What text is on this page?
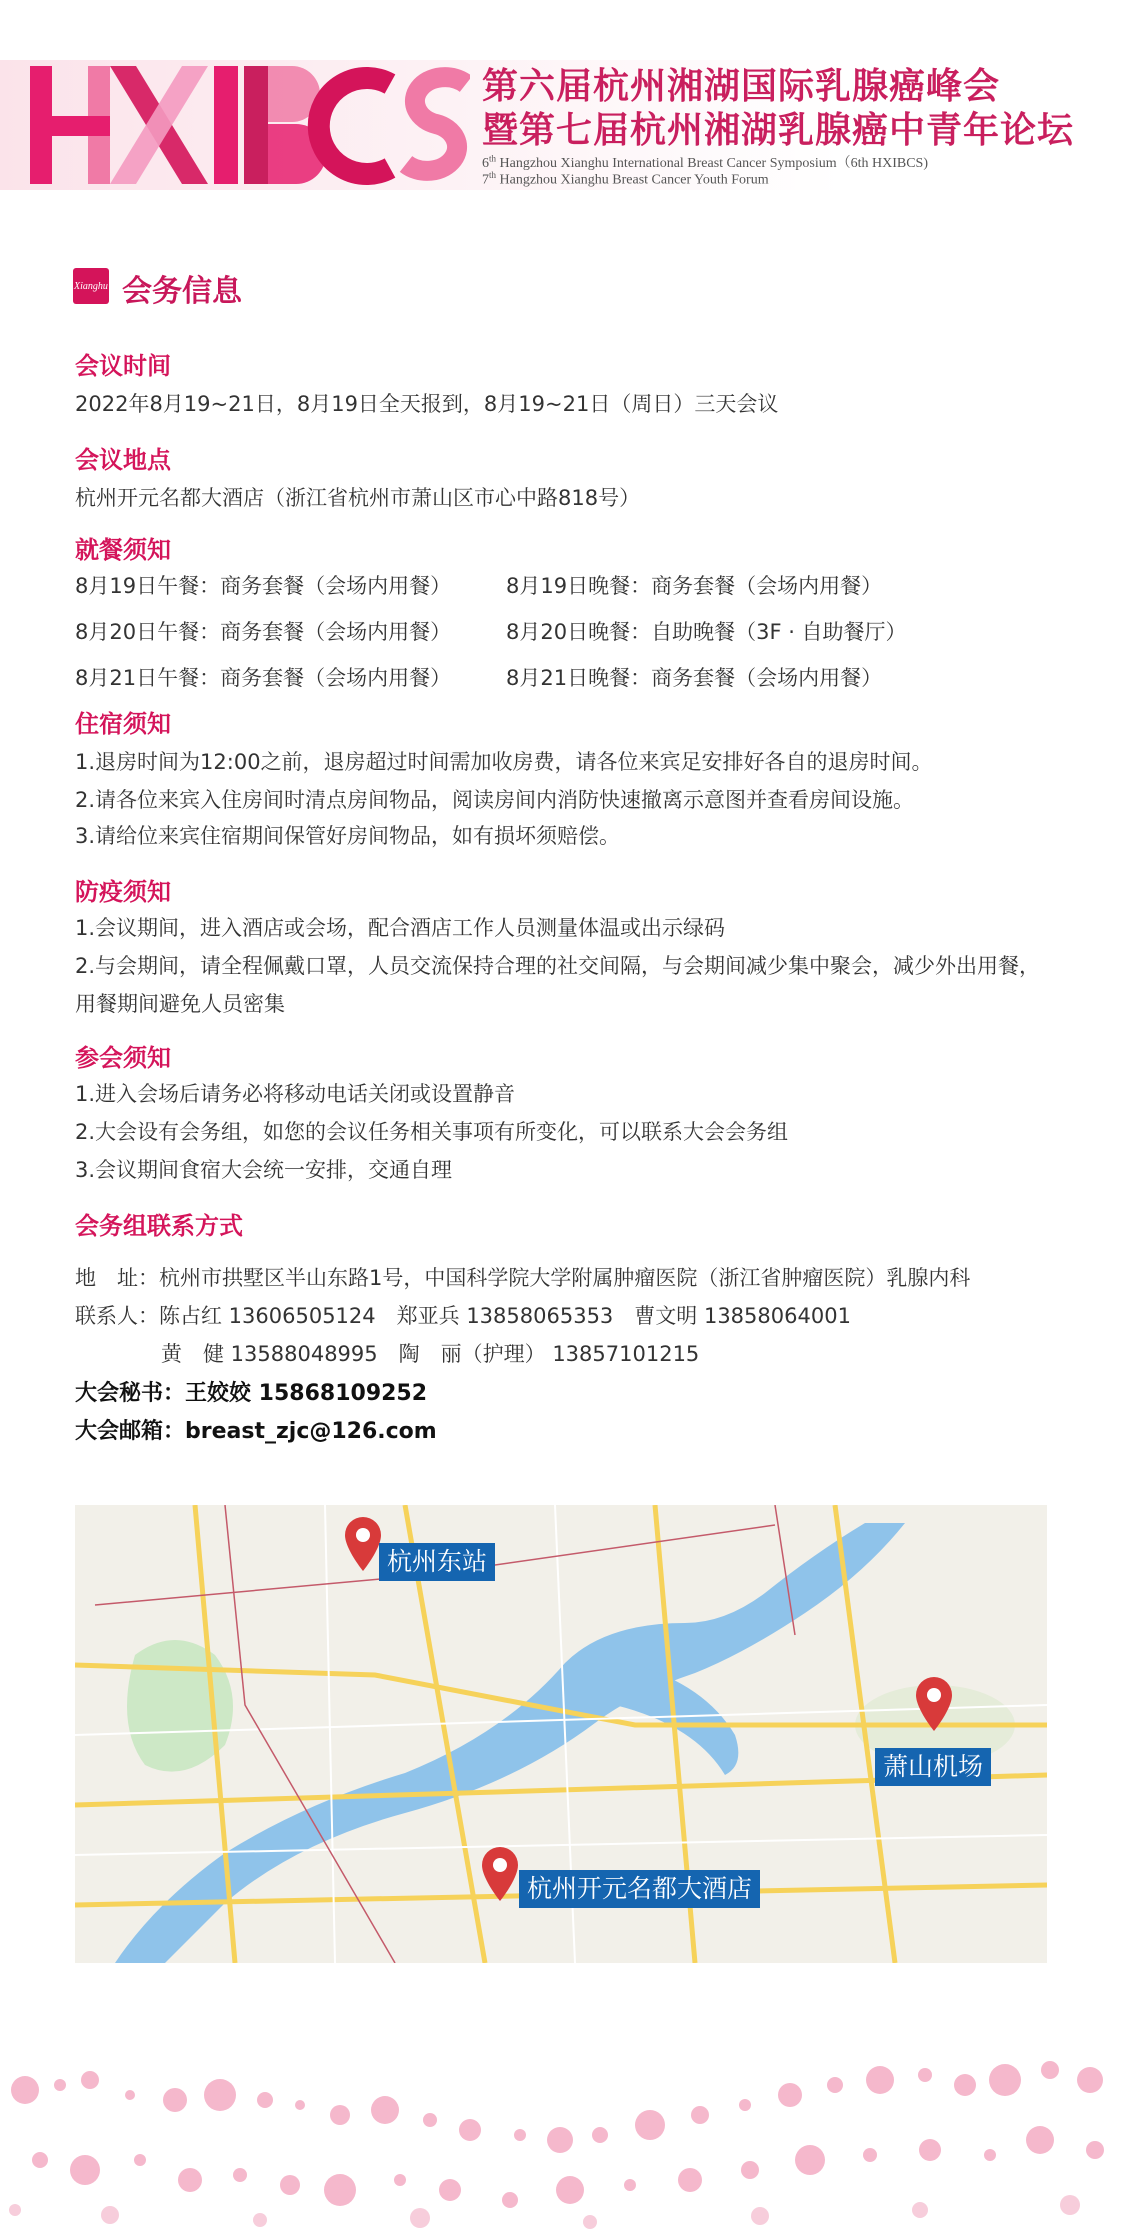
第六届杭州湘湖国际乳腺癌峰会
暨第七届杭州湘湖乳腺癌中青年论坛
6th Hangzhou Xianghu International Breast Cancer Symposium（6th HXIBCS)
7th Hangzhou Xianghu Breast Cancer Youth Forum
Xianghu 会务信息
会议时间
2022年8月19~21日，8月19日全天报到，8月19~21日（周日）三天会议
会议地点
杭州开元名都大酒店（浙江省杭州市萧山区市心中路818号）
就餐须知
8月19日午餐：商务套餐（会场内用餐）	8月19日晚餐：商务套餐（会场内用餐）
8月20日午餐：商务套餐（会场内用餐）	8月20日晚餐：自助晚餐（3F · 自助餐厅）
8月21日午餐：商务套餐（会场内用餐）	8月21日晚餐：商务套餐（会场内用餐）
住宿须知
1.退房时间为12:00之前，退房超过时间需加收房费，请各位来宾足安排好各自的退房时间。
2.请各位来宾入住房间时清点房间物品，阅读房间内消防快速撤离示意图并查看房间设施。
3.请给位来宾住宿期间保管好房间物品，如有损坏须赔偿。
防疫须知
1.会议期间，进入酒店或会场，配合酒店工作人员测量体温或出示绿码
2.与会期间，请全程佩戴口罩，人员交流保持合理的社交间隔，与会期间减少集中聚会，减少外出用餐，
用餐期间避免人员密集
参会须知
1.进入会场后请务必将移动电话关闭或设置静音
2.大会设有会务组，如您的会议任务相关事项有所变化，可以联系大会会务组
3.会议期间食宿大会统一安排，交通自理
会务组联系方式
地　址：杭州市拱墅区半山东路1号，中国科学院大学附属肿瘤医院（浙江省肿瘤医院）乳腺内科
联系人：陈占红 13606505124　郑亚兵 13858065353　曹文明 13858064001
黄　健 13588048995　陶　丽（护理） 13857101215
大会秘书：王姣姣 15868109252
大会邮箱：breast_zjc@126.com
杭州东站
萧山机场
杭州开元名都大酒店
